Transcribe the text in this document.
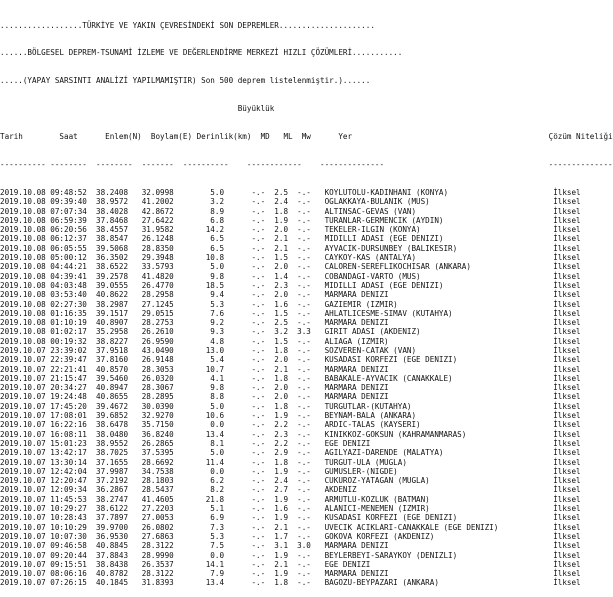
..................TÜRKİYE VE YAKIN ÇEVRESİNDEKİ SON DEPREMLER.....................

......BÖLGESEL DEPREM-TSUNAMİ İZLEME VE DEĞERLENDİRME MERKEZİ HIZLI ÇÖZÜMLERİ...........

.....(YAPAY SARSINTI ANALİZİ YAPILMAMIŞTIR) Son 500 deprem listelenmiştir.)......

Büyüklük

Tarih        Saat      Enlem(N)  Boylam(E) Derinlik(km)  MD   ML  Mw      Yer                                           Çözüm Niteliği

---------- --------  --------  -------  ----------    ------------    --------------                                    --------------

2019.10.08 09:48:52  38.2408   32.0998        5.0      -.-  2.5  -.-   KOYLUTOLU-KADINHANI (KONYA)                       İlksel
2019.10.08 09:39:40  38.9572   41.2002        3.2      -.-  2.4  -.-   OGLAKKAYA-BULANIK (MUS)                           İlksel
2019.10.08 07:07:34  38.4028   42.8672        8.9      -.-  1.8  -.-   ALTINSAC-GEVAS (VAN)                              İlksel
2019.10.08 06:59:39  37.8468   27.6422        6.8      -.-  1.9  -.-   TURANLAR-GERMENCIK (AYDIN)                        İlksel
2019.10.08 06:20:56  38.4557   31.9582       14.2      -.-  2.0  -.-   TEKELER-ILGIN (KONYA)                             İlksel
2019.10.08 06:12:37  38.8547   26.1248        6.5      -.-  2.1  -.-   MIDILLI ADASI (EGE DENIZI)                        İlksel
2019.10.08 06:05:55  39.5068   28.8350        6.5      -.-  2.1  -.-   AYVACIK-DURSUNBEY (BALIKESIR)                     İlksel
2019.10.08 05:00:12  36.3502   29.3948       10.8      -.-  1.5  -.-   CAYKOY-KAS (ANTALYA)                              İlksel
2019.10.08 04:44:21  38.6522   33.5793        5.0      -.-  2.0  -.-   CALOREN-SEREFLIKOCHISAR (ANKARA)                  İlksel
2019.10.08 04:39:41  39.2578   41.4820        9.8      -.-  1.4  -.-   COBANDAGI-VARTO (MUS)                             İlksel
2019.10.08 04:03:48  39.0555   26.4770       18.5      -.-  2.3  -.-   MIDILLI ADASI (EGE DENIZI)                        İlksel
2019.10.08 03:53:40  40.8622   28.2958        9.4      -.-  2.0  -.-   MARMARA DENIZI                                    İlksel
2019.10.08 02:27:30  38.2987   27.1245        5.3      -.-  1.6  -.-   GAZIEMIR (IZMIR)                                  İlksel
2019.10.08 01:16:35  39.1517   29.0515        7.6      -.-  1.5  -.-   AHLATLICESME-SIMAV (KUTAHYA)                      İlksel
2019.10.08 01:10:19  40.8907   28.2753        9.2      -.-  2.5  -.-   MARMARA DENIZI                                    İlksel
2019.10.08 01:02:17  35.2958   26.2610        9.3      -.-  3.2  3.3   GIRIT ADASI (AKDENIZ)                             İlksel
2019.10.08 00:19:32  38.8227   26.9590        4.8      -.-  1.5  -.-   ALIAGA (IZMIR)                                    İlksel
2019.10.07 23:39:02  37.9518   43.0490       13.0      -.-  1.8  -.-   SOZVEREN-CATAK (VAN)                              İlksel
2019.10.07 22:39:47  37.8160   26.9148        5.4      -.-  2.0  -.-   KUSADASI KORFEZI (EGE DENIZI)                     İlksel
2019.10.07 22:21:41  40.8570   28.3053       10.7      -.-  2.1  -.-   MARMARA DENIZI                                    İlksel
2019.10.07 21:15:47  39.5460   26.0320        4.1      -.-  1.8  -.-   BABAKALE-AYVACIK (CANAKKALE)                      İlksel
2019.10.07 20:34:27  40.8947   28.3067        9.8      -.-  2.0  -.-   MARMARA DENIZI                                    İlksel
2019.10.07 19:24:48  40.8655   28.2895        8.8      -.-  2.0  -.-   MARMARA DENIZI                                    İlksel
2019.10.07 17:45:20  39.4672   30.0390        5.0      -.-  1.8  -.-   TURGUTLAR-(KUTAHYA)                               İlksel
2019.10.07 17:08:01  39.6852   32.9270       10.6      -.-  1.9  -.-   BEYNAM-BALA (ANKARA)                              İlksel
2019.10.07 16:22:16  38.6478   35.7150        0.0      -.-  2.2  -.-   ARDIC-TALAS (KAYSERI)                             İlksel
2019.10.07 16:08:11  38.0480   36.8240       13.4      -.-  2.3  -.-   KINIKKOZ-GOKSUN (KAHRAMANMARAS)                   İlksel
2019.10.07 15:01:23  38.9552   26.2865        8.1      -.-  2.2  -.-   EGE DENIZI                                        İlksel
2019.10.07 13:42:17  38.7025   37.5395        5.0      -.-  2.9  -.-   AGILYAZI-DARENDE (MALATYA)                        İlksel
2019.10.07 13:30:14  37.1655   28.6692       11.4      -.-  1.8  -.-   TURGUT-ULA (MUGLA)                                İlksel
2019.10.07 12:42:04  37.9987   34.7538        0.0      -.-  1.9  -.-   GUMUSLER-(NIGDE)                                  İlksel
2019.10.07 12:20:47  37.2192   28.1803        6.2      -.-  2.4  -.-   CUKUROZ-YATAGAN (MUGLA)                           İlksel
2019.10.07 12:09:34  36.2867   28.5437        8.2      -.-  2.7  -.-   AKDENIZ                                           İlksel
2019.10.07 11:45:53  38.2747   41.4605       21.8      -.-  1.9  -.-   ARMUTLU-KOZLUK (BATMAN)                           İlksel
2019.10.07 10:29:27  38.6122   27.2203        5.1      -.-  1.6  -.-   ALANICI-MENEMEN (IZMIR)                           İlksel
2019.10.07 10:28:43  37.7897   27.0053        6.9      -.-  1.9  -.-   KUSADASI KORFEZI (EGE DENIZI)                     İlksel
2019.10.07 10:10:29  39.9700   26.0802        7.3      -.-  2.1  -.-   UVECIK ACIKLARI-CANAKKALE (EGE DENIZI)            İlksel
2019.10.07 10:07:30  36.9530   27.6863        5.3      -.-  1.7  -.-   GOKOVA KORFEZI (AKDENIZ)                          İlksel
2019.10.07 09:46:58  40.8845   28.3122        7.5      -.-  3.1  3.0   MARMARA DENIZI                                    İlksel
2019.10.07 09:20:44  37.8843   28.9990        0.0      -.-  1.9  -.-   BEYLERBEYI-SARAYKOY (DENIZLI)                     İlksel
2019.10.07 09:15:51  38.8438   26.3537       14.1      -.-  2.1  -.-   EGE DENIZI                                        İlksel
2019.10.07 08:06:16  40.8782   28.3122        7.9      -.-  1.9  -.-   MARMARA DENIZI                                    İlksel
2019.10.07 07:26:15  40.1845   31.8393       13.4      -.-  1.8  -.-   BAGOZU-BEYPAZARI (ANKARA)                         İlksel
